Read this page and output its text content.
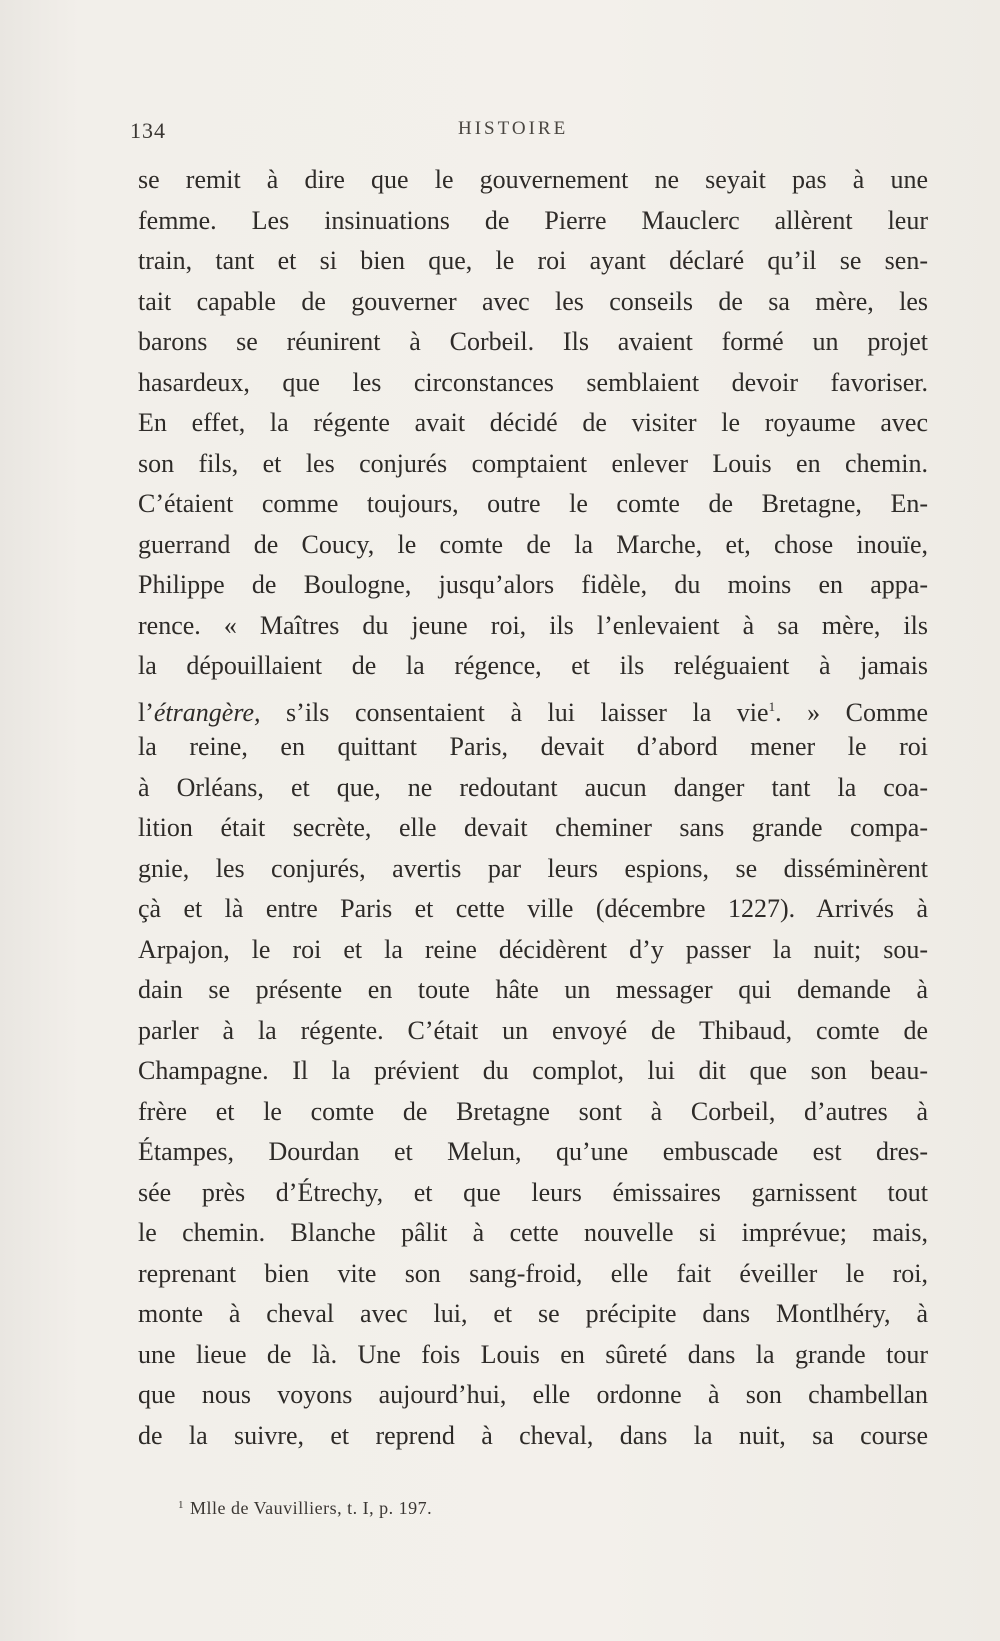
134	HISTOIRE
se remit à dire que le gouvernement ne seyait pas à une
femme. Les insinuations de Pierre Mauclerc allèrent leur
train, tant et si bien que, le roi ayant déclaré qu’il se sen-
tait capable de gouverner avec les conseils de sa mère, les
barons se réunirent à Corbeil. Ils avaient formé un projet
hasardeux, que les circonstances semblaient devoir favoriser.
En effet, la régente avait décidé de visiter le royaume avec
son fils, et les conjurés comptaient enlever Louis en chemin.
C’étaient comme toujours, outre le comte de Bretagne, En-
guerrand de Coucy, le comte de la Marche, et, chose inouïe,
Philippe de Boulogne, jusqu’alors fidèle, du moins en appa-
rence. « Maîtres du jeune roi, ils l’enlevaient à sa mère, ils
la dépouillaient de la régence, et ils reléguaient à jamais
l’étrangère, s’ils consentaient à lui laisser la vie$^1$. » Comme
la reine, en quittant Paris, devait d’abord mener le roi
à Orléans, et que, ne redoutant aucun danger tant la coa-
lition était secrète, elle devait cheminer sans grande compa-
gnie, les conjurés, avertis par leurs espions, se disséminèrent
çà et là entre Paris et cette ville (décembre 1227). Arrivés à
Arpajon, le roi et la reine décidèrent d’y passer la nuit; sou-
dain se présente en toute hâte un messager qui demande à
parler à la régente. C’était un envoyé de Thibaud, comte de
Champagne. Il la prévient du complot, lui dit que son beau-
frère et le comte de Bretagne sont à Corbeil, d’autres à
Étampes, Dourdan et Melun, qu’une embuscade est dres-
sée près d’Étrechy, et que leurs émissaires garnissent tout
le chemin. Blanche pâlit à cette nouvelle si imprévue; mais,
reprenant bien vite son sang-froid, elle fait éveiller le roi,
monte à cheval avec lui, et se précipite dans Montlhéry, à
une lieue de là. Une fois Louis en sûreté dans la grande tour
que nous voyons aujourd’hui, elle ordonne à son chambellan
de la suivre, et reprend à cheval, dans la nuit, sa course
$^1$ Mlle de Vauvilliers, t. I, p. 197.
